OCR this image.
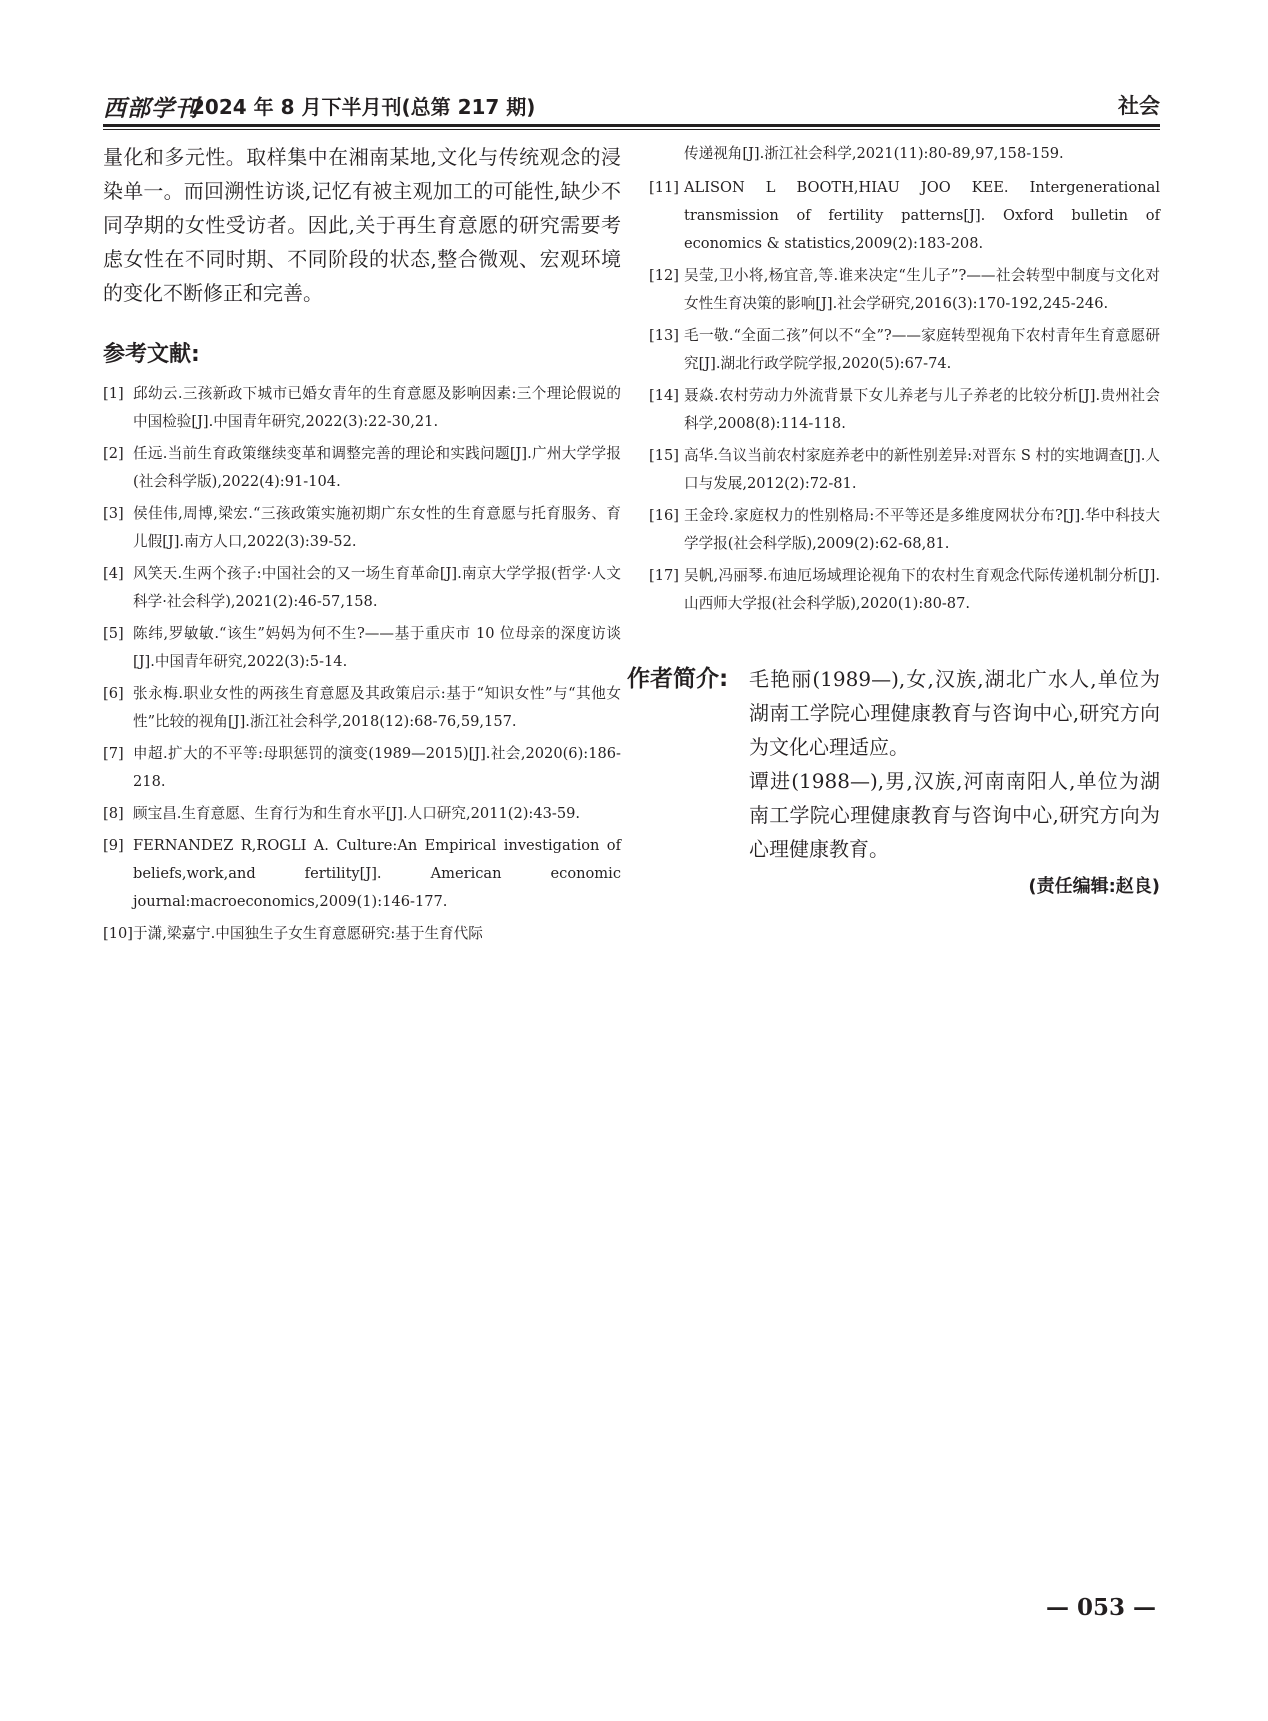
西部学刊
2024 年 8 月下半月刊(总第 217 期)	社会

量化和多元性。取样集中在湘南某地,文化与传统观念的浸染单一。而回溯性访谈,记忆有被主观加工的可能性,缺少不同孕期的女性受访者。因此,关于再生育意愿的研究需要考虑女性在不同时期、不同阶段的状态,整合微观、宏观环境的变化不断修正和完善。

参考文献:

[1] 邱幼云.三孩新政下城市已婚女青年的生育意愿及影响因素:三个理论假说的中国检验[J].中国青年研究,2022(3):22-30,21.

[2] 任远.当前生育政策继续变革和调整完善的理论和实践问题[J].广州大学学报(社会科学版),2022(4):91-104.

[3] 侯佳伟,周博,梁宏.“三孩政策实施初期广东女性的生育意愿与托育服务、育儿假[J].南方人口,2022(3):39-52.

[4] 风笑天.生两个孩子:中国社会的又一场生育革命[J].南京大学学报(哲学·人文科学·社会科学),2021(2):46-57,158.

[5] 陈纬,罗敏敏.“该生”妈妈为何不生?——基于重庆市 10 位母亲的深度访谈[J].中国青年研究,2022(3):5-14.

[6] 张永梅.职业女性的两孩生育意愿及其政策启示:基于“知识女性”与“其他女性”比较的视角[J].浙江社会科学,2018(12):68-76,59,157.

[7] 申超.扩大的不平等:母职惩罚的演变(1989—2015)[J].社会,2020(6):186-218.

[8] 顾宝昌.生育意愿、生育行为和生育水平[J].人口研究,2011(2):43-59.

[9] FERNANDEZ R,ROGLI A. Culture:An Empirical investigation of beliefs,work,and fertility[J]. American economic journal:macroeconomics,2009(1):146-177.

[10] 于潇,梁嘉宁.中国独生子女生育意愿研究:基于生育代际

传递视角[J].浙江社会科学,2021(11):80-89,97,158-159.

[11] ALISON L BOOTH,HIAU JOO KEE. Intergenerational transmission of fertility patterns[J]. Oxford bulletin of economics & statistics,2009(2):183-208.

[12] 吴莹,卫小将,杨宜音,等.谁来决定“生儿子”?——社会转型中制度与文化对女性生育决策的影响[J].社会学研究,2016(3):170-192,245-246.

[13] 毛一敬.“全面二孩”何以不“全”?——家庭转型视角下农村青年生育意愿研究[J].湖北行政学院学报,2020(5):67-74.

[14] 聂焱.农村劳动力外流背景下女儿养老与儿子养老的比较分析[J].贵州社会科学,2008(8):114-118.

[15] 高华.刍议当前农村家庭养老中的新性别差异:对晋东 S 村的实地调查[J].人口与发展,2012(2):72-81.

[16] 王金玲.家庭权力的性别格局:不平等还是多维度网状分布?[J].华中科技大学学报(社会科学版),2009(2):62-68,81.

[17] 吴帆,冯丽琴.布迪厄场域理论视角下的农村生育观念代际传递机制分析[J].山西师大学报(社会科学版),2020(1):80-87.

作者简介: 毛艳丽(1989—),女,汉族,湖北广水人,单位为湖南工学院心理健康教育与咨询中心,研究方向为文化心理适应。

谭进(1988—),男,汉族,河南南阳人,单位为湖南工学院心理健康教育与咨询中心,研究方向为心理健康教育。

(责任编辑:赵良)
— 053 —
